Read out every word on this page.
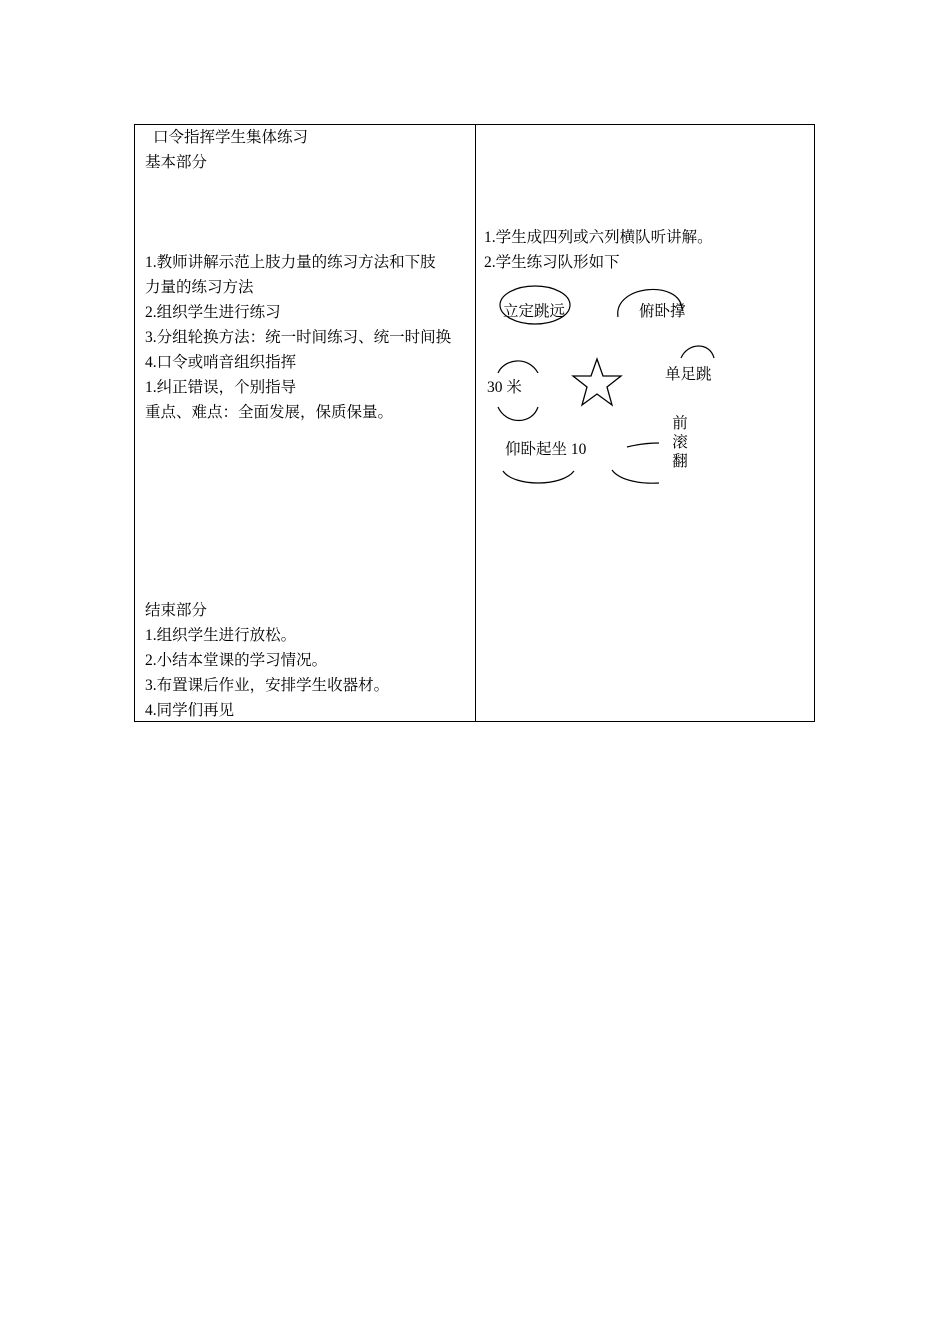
口令指挥学生集体练习
基本部分
1.教师讲解示范上肢力量的练习方法和下肢
力量的练习方法
2.组织学生进行练习
3.分组轮换方法：统一时间练习、统一时间换
4.口令或哨音组织指挥
1.纠正错误，个别指导
重点、难点：全面发展，保质保量。
结束部分
1.组织学生进行放松。
2.小结本堂课的学习情况。
3.布置课后作业，安排学生收器材。
4.同学们再见
1.学生成四列或六列横队听讲解。
2.学生练习队形如下
立定跳远	俯卧撑
30 米
单足跳
前
滚
翻
仰卧起坐 10
